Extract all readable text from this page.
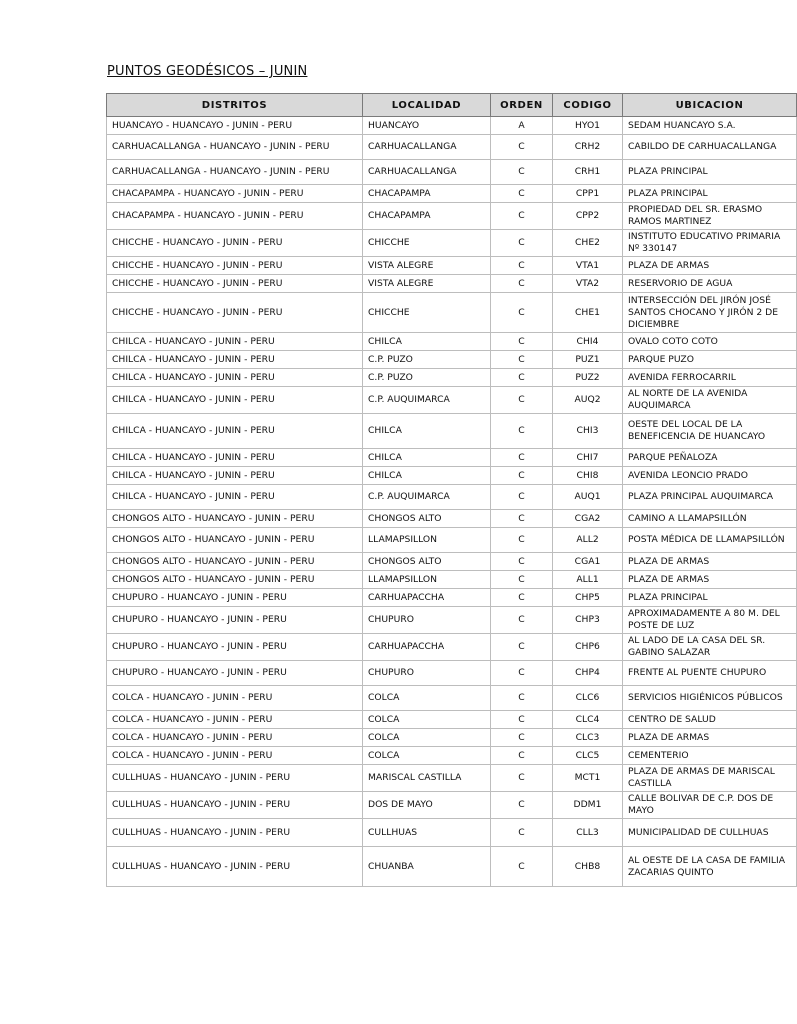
PUNTOS GEODÉSICOS – JUNIN
DISTRITOS	LOCALIDAD	ORDEN	CODIGO	UBICACION
HUANCAYO - HUANCAYO - JUNIN - PERU	HUANCAYO	A	HYO1	SEDAM HUANCAYO S.A.
CARHUACALLANGA - HUANCAYO - JUNIN - PERU	CARHUACALLANGA	C	CRH2	CABILDO DE CARHUACALLANGA
CARHUACALLANGA - HUANCAYO - JUNIN - PERU	CARHUACALLANGA	C	CRH1	PLAZA PRINCIPAL
CHACAPAMPA - HUANCAYO - JUNIN - PERU	CHACAPAMPA	C	CPP1	PLAZA PRINCIPAL
CHACAPAMPA - HUANCAYO - JUNIN - PERU	CHACAPAMPA	C	CPP2	PROPIEDAD DEL SR. ERASMO RAMOS MARTINEZ
CHICCHE - HUANCAYO - JUNIN - PERU	CHICCHE	C	CHE2	INSTITUTO EDUCATIVO PRIMARIA Nº 330147
CHICCHE - HUANCAYO - JUNIN - PERU	VISTA ALEGRE	C	VTA1	PLAZA DE ARMAS
CHICCHE - HUANCAYO - JUNIN - PERU	VISTA ALEGRE	C	VTA2	RESERVORIO DE AGUA
CHICCHE - HUANCAYO - JUNIN - PERU	CHICCHE	C	CHE1	INTERSECCIÓN DEL JIRÓN JOSÉ SANTOS CHOCANO Y JIRÓN 2 DE DICIEMBRE
CHILCA - HUANCAYO - JUNIN - PERU	CHILCA	C	CHI4	OVALO COTO COTO
CHILCA - HUANCAYO - JUNIN - PERU	C.P. PUZO	C	PUZ1	PARQUE PUZO
CHILCA - HUANCAYO - JUNIN - PERU	C.P. PUZO	C	PUZ2	AVENIDA FERROCARRIL
CHILCA - HUANCAYO - JUNIN - PERU	C.P. AUQUIMARCA	C	AUQ2	AL NORTE DE LA AVENIDA AUQUIMARCA
CHILCA - HUANCAYO - JUNIN - PERU	CHILCA	C	CHI3	OESTE DEL LOCAL DE LA BENEFICENCIA DE HUANCAYO
CHILCA - HUANCAYO - JUNIN - PERU	CHILCA	C	CHI7	PARQUE PEÑALOZA
CHILCA - HUANCAYO - JUNIN - PERU	CHILCA	C	CHI8	AVENIDA LEONCIO PRADO
CHILCA - HUANCAYO - JUNIN - PERU	C.P. AUQUIMARCA	C	AUQ1	PLAZA PRINCIPAL AUQUIMARCA
CHONGOS ALTO - HUANCAYO - JUNIN - PERU	CHONGOS ALTO	C	CGA2	CAMINO A LLAMAPSILLÓN
CHONGOS ALTO - HUANCAYO - JUNIN - PERU	LLAMAPSILLON	C	ALL2	POSTA MÉDICA DE LLAMAPSILLÓN
CHONGOS ALTO - HUANCAYO - JUNIN - PERU	CHONGOS ALTO	C	CGA1	PLAZA DE ARMAS
CHONGOS ALTO - HUANCAYO - JUNIN - PERU	LLAMAPSILLON	C	ALL1	PLAZA DE ARMAS
CHUPURO - HUANCAYO - JUNIN - PERU	CARHUAPACCHA	C	CHP5	PLAZA PRINCIPAL
CHUPURO - HUANCAYO - JUNIN - PERU	CHUPURO	C	CHP3	APROXIMADAMENTE A 80 M. DEL POSTE DE LUZ
CHUPURO - HUANCAYO - JUNIN - PERU	CARHUAPACCHA	C	CHP6	AL LADO DE LA CASA DEL SR. GABINO SALAZAR
CHUPURO - HUANCAYO - JUNIN - PERU	CHUPURO	C	CHP4	FRENTE AL PUENTE CHUPURO
COLCA - HUANCAYO - JUNIN - PERU	COLCA	C	CLC6	SERVICIOS HIGIÉNICOS PÚBLICOS
COLCA - HUANCAYO - JUNIN - PERU	COLCA	C	CLC4	CENTRO DE SALUD
COLCA - HUANCAYO - JUNIN - PERU	COLCA	C	CLC3	PLAZA DE ARMAS
COLCA - HUANCAYO - JUNIN - PERU	COLCA	C	CLC5	CEMENTERIO
CULLHUAS - HUANCAYO - JUNIN - PERU	MARISCAL CASTILLA	C	MCT1	PLAZA DE ARMAS DE MARISCAL CASTILLA
CULLHUAS - HUANCAYO - JUNIN - PERU	DOS DE MAYO	C	DDM1	CALLE BOLIVAR DE C.P. DOS DE MAYO
CULLHUAS - HUANCAYO - JUNIN - PERU	CULLHUAS	C	CLL3	MUNICIPALIDAD DE CULLHUAS
CULLHUAS - HUANCAYO - JUNIN - PERU	CHUANBA	C	CHB8	AL OESTE DE LA CASA DE FAMILIA ZACARIAS QUINTO
